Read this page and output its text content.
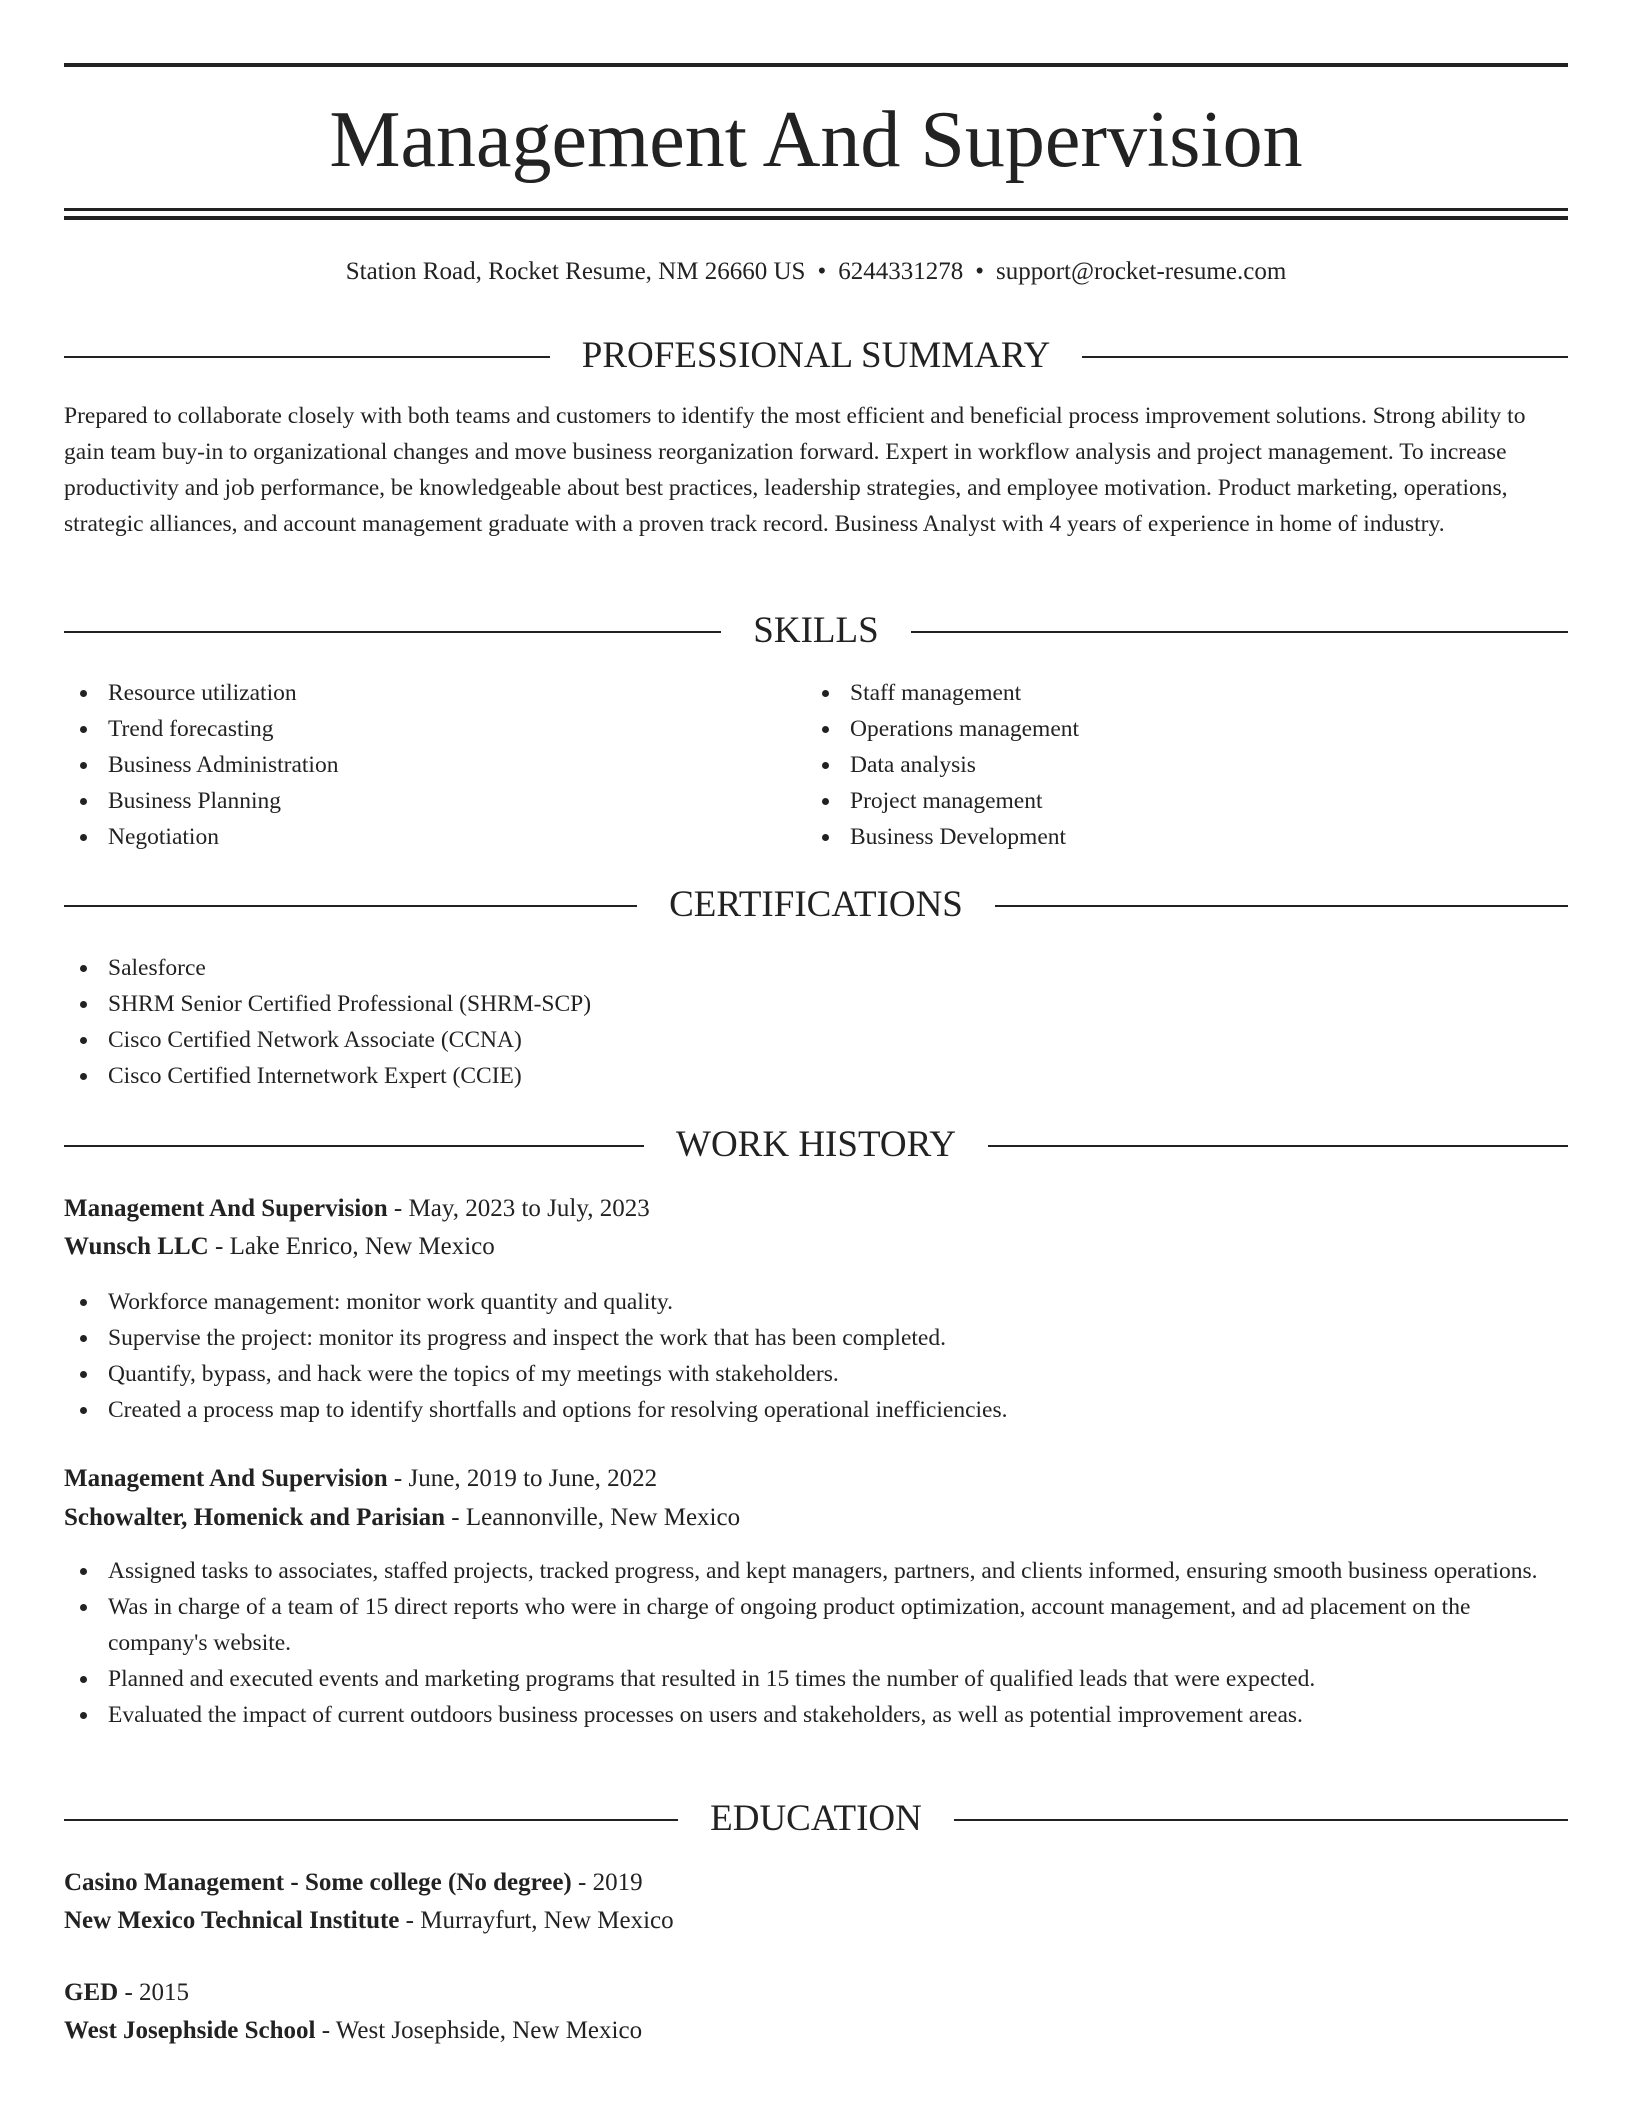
Management And Supervision
Station Road, Rocket Resume, NM 26660 US • 6244331278 • support@rocket-resume.com
PROFESSIONAL SUMMARY
Prepared to collaborate closely with both teams and customers to identify the most efficient and beneficial process improvement solutions. Strong ability to gain team buy-in to organizational changes and move business reorganization forward. Expert in workflow analysis and project management. To increase productivity and job performance, be knowledgeable about best practices, leadership strategies, and employee motivation. Product marketing, operations, strategic alliances, and account management graduate with a proven track record. Business Analyst with 4 years of experience in home of industry.
SKILLS
Resource utilization
Trend forecasting
Business Administration
Business Planning
Negotiation
Staff management
Operations management
Data analysis
Project management
Business Development
CERTIFICATIONS
Salesforce
SHRM Senior Certified Professional (SHRM-SCP)
Cisco Certified Network Associate (CCNA)
Cisco Certified Internetwork Expert (CCIE)
WORK HISTORY
Management And Supervision - May, 2023 to July, 2023
Wunsch LLC - Lake Enrico, New Mexico
Workforce management: monitor work quantity and quality.
Supervise the project: monitor its progress and inspect the work that has been completed.
Quantify, bypass, and hack were the topics of my meetings with stakeholders.
Created a process map to identify shortfalls and options for resolving operational inefficiencies.
Management And Supervision - June, 2019 to June, 2022
Schowalter, Homenick and Parisian - Leannonville, New Mexico
Assigned tasks to associates, staffed projects, tracked progress, and kept managers, partners, and clients informed, ensuring smooth business operations.
Was in charge of a team of 15 direct reports who were in charge of ongoing product optimization, account management, and ad placement on the company's website.
Planned and executed events and marketing programs that resulted in 15 times the number of qualified leads that were expected.
Evaluated the impact of current outdoors business processes on users and stakeholders, as well as potential improvement areas.
EDUCATION
Casino Management - Some college (No degree) - 2019
New Mexico Technical Institute - Murrayfurt, New Mexico
GED - 2015
West Josephside School - West Josephside, New Mexico
